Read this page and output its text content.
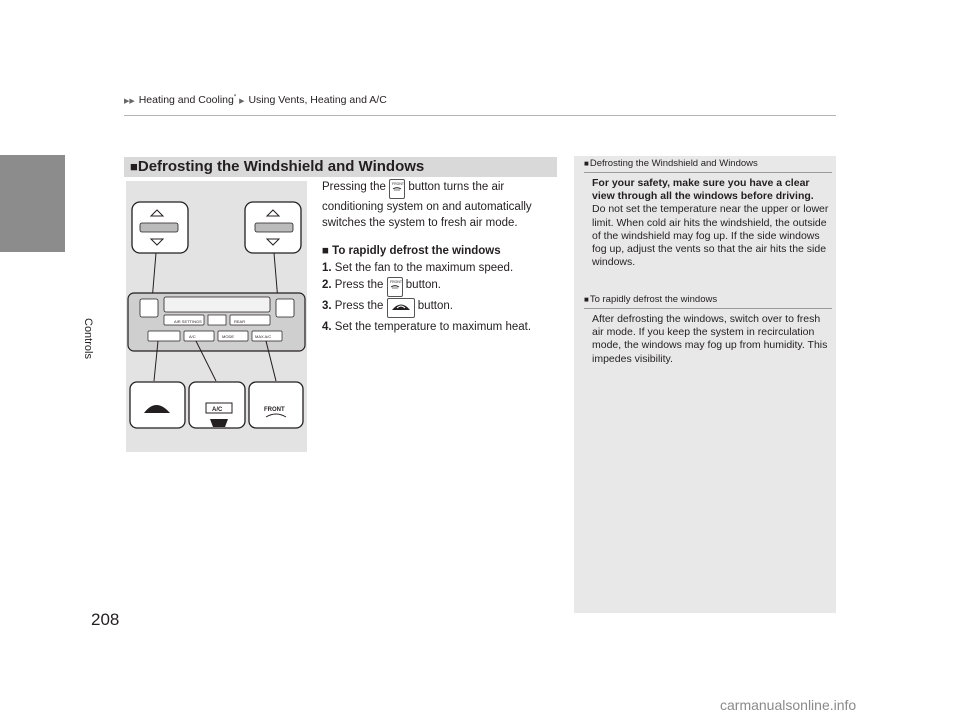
▶▶ Heating and Cooling* ▶ Using Vents, Heating and A/C
Controls
208
■Defrosting the Windshield and Windows
AIR SETTINGS	REAR
A/C	MODE	MAX A/C
A/C	FRONT

Pressing the FRONT button turns the air conditioning system on and automatically switches the system to fresh air mode.

■ To rapidly defrost the windows

1. Set the fan to the maximum speed.

2. Press the FRONT button.

3. Press the	button.

4. Set the temperature to maximum heat.

■Defrosting the Windshield and Windows
For your safety, make sure you have a clear view through all the windows before driving.
Do not set the temperature near the upper or lower limit. When cold air hits the windshield, the outside of the windshield may fog up. If the side windows fog up, adjust the vents so that the air hits the side windows.
■To rapidly defrost the windows
After defrosting the windows, switch over to fresh air mode. If you keep the system in recirculation mode, the windows may fog up from humidity. This impedes visibility.
carmanualsonline.info
